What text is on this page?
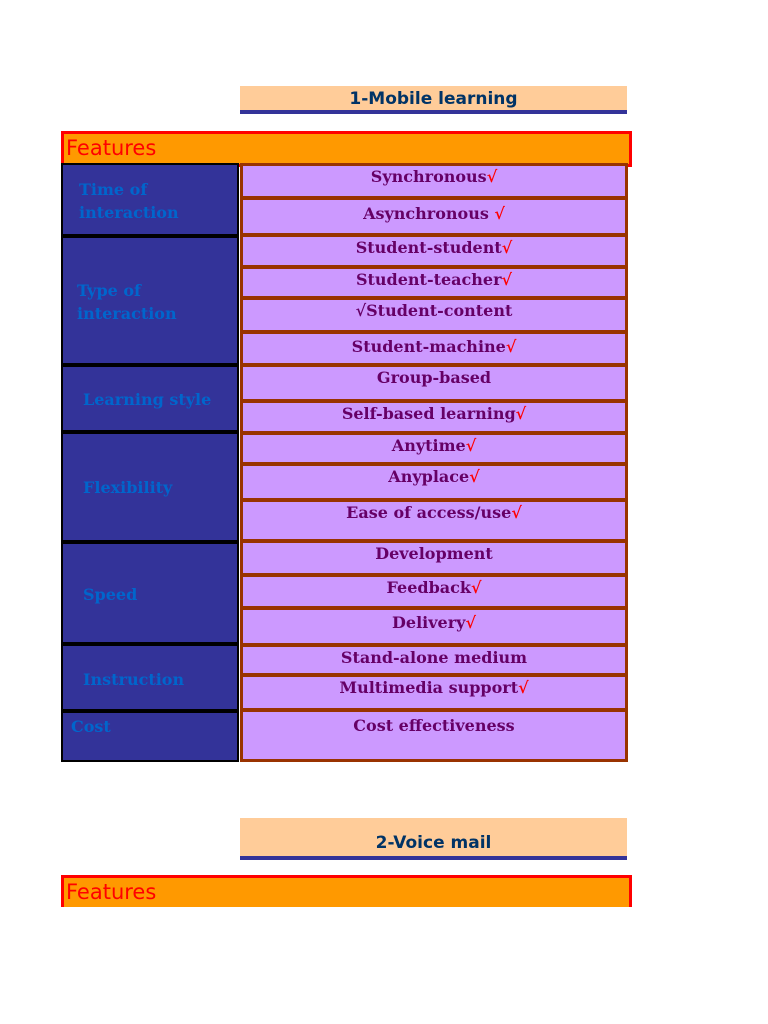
1-Mobile learning
Features
Time of interaction
Type of interaction
Learning style
Flexibility
Speed
Instruction
Cost
Synchronous√
Asynchronous √
Student-student√
Student-teacher√
√Student-content
Student-machine√
Group-based
Self-based learning√
Anytime√
Anyplace√
Ease of access/use√
Development
Feedback√
Delivery√
Stand-alone medium
Multimedia support√
Cost effectiveness
2-Voice mail
Features
